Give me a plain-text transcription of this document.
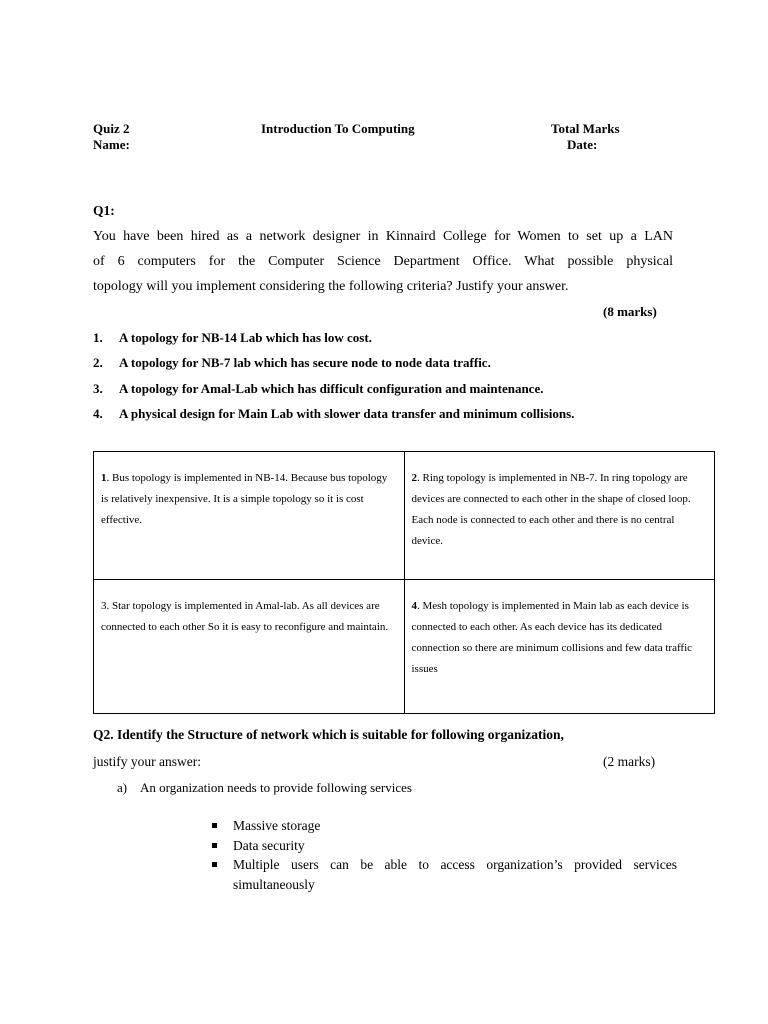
Quiz 2	Introduction To Computing	Total Marks
Name:	Date:
Q1:
You have been hired as a network designer in Kinnaird College for Women to set up a LAN
of 6 computers for the Computer Science Department Office. What possible physical
topology will you implement considering the following criteria? Justify your answer.
(8 marks)
1. A topology for NB-14 Lab which has low cost.
2. A topology for NB-7 lab which has secure node to node data traffic.
3. A topology for Amal-Lab which has difficult configuration and maintenance.
4. A physical design for Main Lab with slower data transfer and minimum collisions.
1. Bus topology is implemented in NB-14. Because bus topology is relatively inexpensive. It is a simple topology so it is cost effective.	2. Ring topology is implemented in NB-7. In ring topology are devices are connected to each other in the shape of closed loop. Each node is connected to each other and there is no central device.

3. Star topology is implemented in Amal-lab. As all devices are connected to each other So it is easy to reconfigure and maintain.	4. Mesh topology is implemented in Main lab as each device is connected to each other. As each device has its dedicated connection so there are minimum collisions and few data traffic issues
Q2. Identify the Structure of network which is suitable for following organization,
justify your answer:	(2 marks)
a) An organization needs to provide following services
Massive storage
Data security
Multiple users can be able to access organization’s provided services simultaneously
